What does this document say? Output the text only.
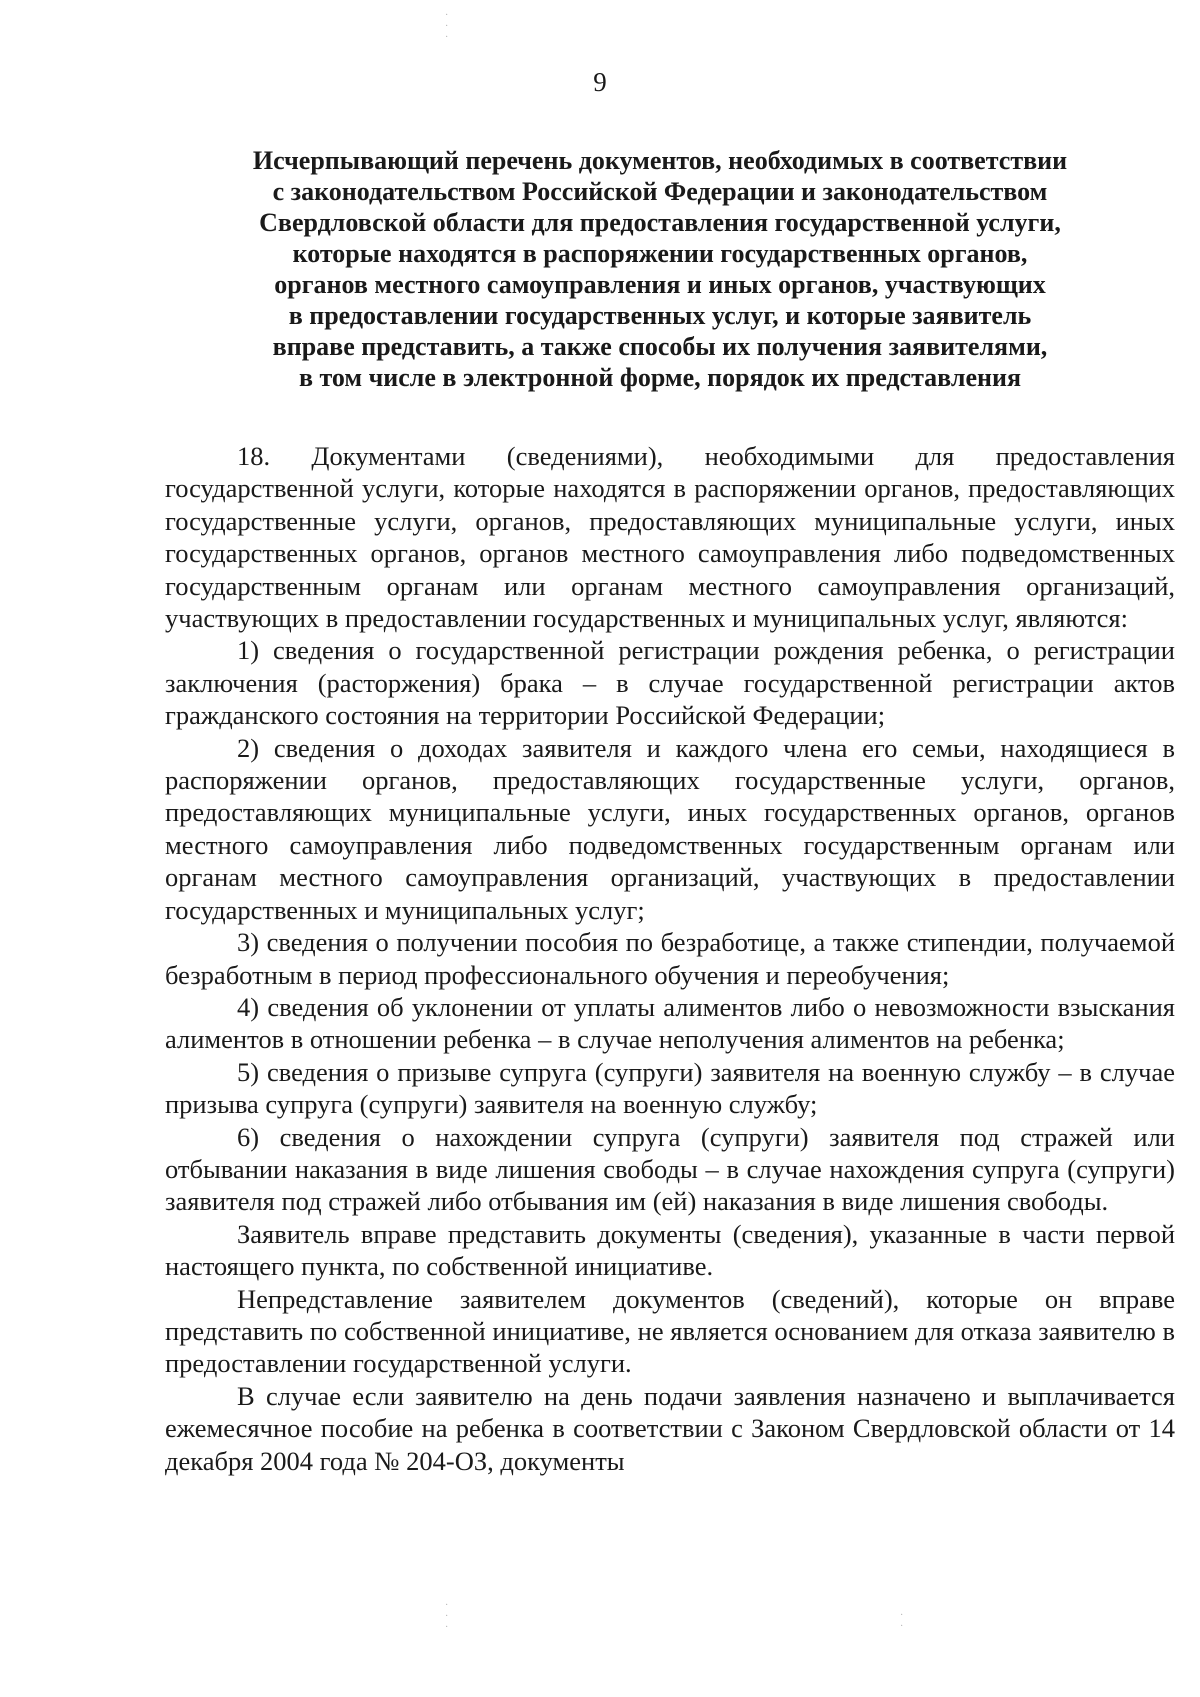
9
Исчерпывающий перечень документов, необходимых в соответствии
с законодательством Российской Федерации и законодательством
Свердловской области для предоставления государственной услуги,
которые находятся в распоряжении государственных органов,
органов местного самоуправления и иных органов, участвующих
в предоставлении государственных услуг, и которые заявитель
вправе представить, а также способы их получения заявителями,
в том числе в электронной форме, порядок их представления

18. Документами (сведениями), необходимыми для предоставления государственной услуги, которые находятся в распоряжении органов, предоставляющих государственные услуги, органов, предоставляющих муниципальные услуги, иных государственных органов, органов местного самоуправления либо подведомственных государственным органам или органам местного самоуправления организаций, участвующих в предоставлении государственных и муниципальных услуг, являются:

1) сведения о государственной регистрации рождения ребенка, о регистрации заключения (расторжения) брака – в случае государственной регистрации актов гражданского состояния на территории Российской Федерации;

2) сведения о доходах заявителя и каждого члена его семьи, находящиеся в распоряжении органов, предоставляющих государственные услуги, органов, предоставляющих муниципальные услуги, иных государственных органов, органов местного самоуправления либо подведомственных государственным органам или органам местного самоуправления организаций, участвующих в предоставлении государственных и муниципальных услуг;

3) сведения о получении пособия по безработице, а также стипендии, получаемой безработным в период профессионального обучения и переобучения;

4) сведения об уклонении от уплаты алиментов либо о невозможности взыскания алиментов в отношении ребенка – в случае неполучения алиментов на ребенка;

5) сведения о призыве супруга (супруги) заявителя на военную службу – в случае призыва супруга (супруги) заявителя на военную службу;

6) сведения о нахождении супруга (супруги) заявителя под стражей или отбывании наказания в виде лишения свободы – в случае нахождения супруга (супруги) заявителя под стражей либо отбывания им (ей) наказания в виде лишения свободы.

Заявитель вправе представить документы (сведения), указанные в части первой настоящего пункта, по собственной инициативе.

Непредставление заявителем документов (сведений), которые он вправе представить по собственной инициативе, не является основанием для отказа заявителю в предоставлении государственной услуги.

В случае если заявителю на день подачи заявления назначено и выплачивается ежемесячное пособие на ребенка в соответствии с Законом Свердловской области от 14 декабря 2004 года № 204-ОЗ, документы

·
·
·
·
·
·
·
·
